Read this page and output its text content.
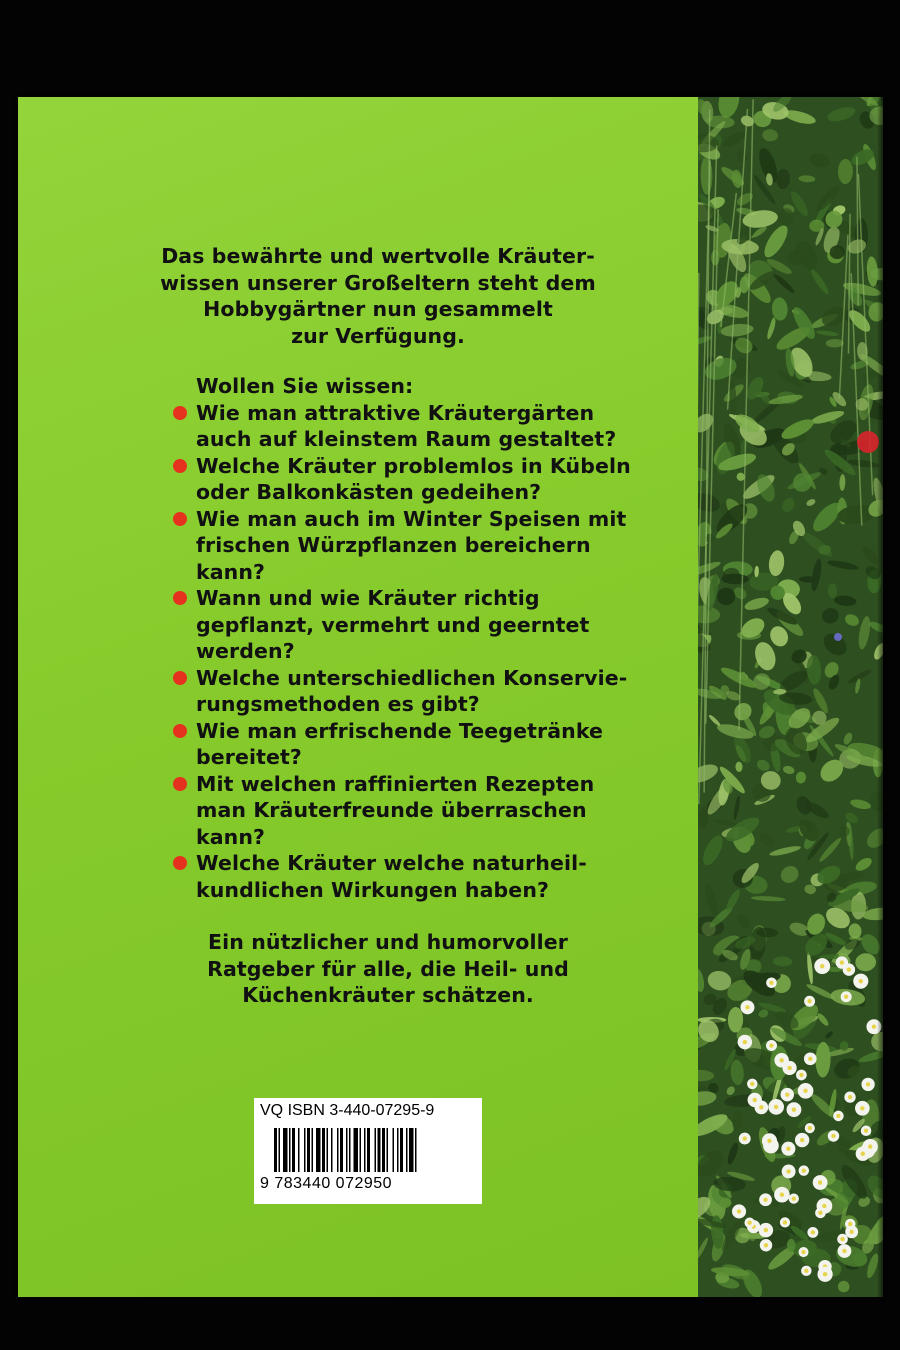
Das bewährte und wertvolle Kräuter-
wissen unserer Großeltern steht dem
Hobbygärtner nun gesammelt
zur Verfügung.
Wollen Sie wissen:
Wie man attraktive Kräutergärten
auch auf kleinstem Raum gestaltet?
Welche Kräuter problemlos in Kübeln
oder Balkonkästen gedeihen?
Wie man auch im Winter Speisen mit
frischen Würzpflanzen bereichern
kann?
Wann und wie Kräuter richtig
gepflanzt, vermehrt und geerntet
werden?
Welche unterschiedlichen Konservie-
rungsmethoden es gibt?
Wie man erfrischende Teegetränke
bereitet?
Mit welchen raffinierten Rezepten
man Kräuterfreunde überraschen
kann?
Welche Kräuter welche naturheil-
kundlichen Wirkungen haben?
Ein nützlicher und humorvoller
Ratgeber für alle, die Heil- und
Küchenkräuter schätzen.
VQ ISBN 3-440-07295-9
9 783440 072950
